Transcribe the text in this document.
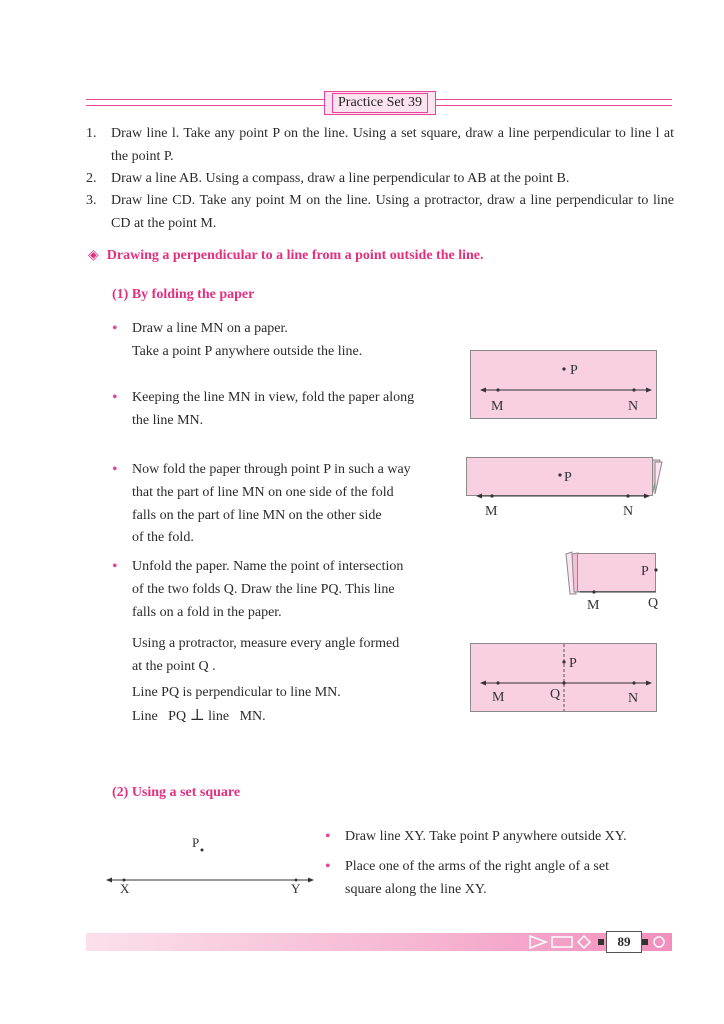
Practice Set 39
1.	Draw line l. Take any point P on the line. Using a set square, draw a line perpendicular to line l at the point P.
2.	Draw a line AB. Using a compass, draw a line perpendicular to AB at the point B.
3.	Draw line CD. Take any point M on the line. Using a protractor, draw a line perpendicular to line CD at the point M.
◈ Drawing a perpendicular to a line from a point outside the line.
(1) By folding the paper
• Draw a line MN on a paper.
Take a point P anywhere outside the line.
• Keeping the line MN in view, fold the paper along
the line MN.
• Now fold the paper through point P in such a way
that the part of line MN on one side of the fold
falls on the part of line MN on the other side
of the fold.
• Unfold the paper. Name the point of intersection
of the two folds Q. Draw the line PQ. This line
falls on a fold in the paper.
Using a protractor, measure every angle formed
at the point Q .
Line PQ is perpendicular to line MN.
Line PQ ⊥ line MN.
P
M	N
P
M	N
P
M	Q
P
M	Q	N
(2) Using a set square
P
X	Y
• Draw line XY. Take point P anywhere outside XY.
• Place one of the arms of the right angle of a set
square along the line XY.
89
